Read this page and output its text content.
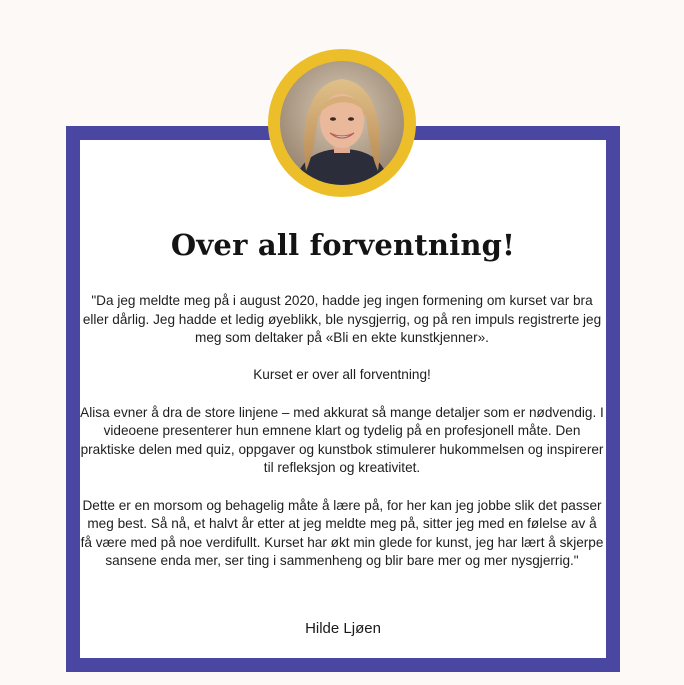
Over all forventning!

"Da jeg meldte meg på i august 2020, hadde jeg ingen formening om kurset var bra eller dårlig. Jeg hadde et ledig øyeblikk, ble nysgjerrig, og på ren impuls registrerte jeg meg som deltaker på «Bli en ekte kunstkjenner».

Kurset er over all forventning!

Alisa evner å dra de store linjene – med akkurat så mange detaljer som er nødvendig. I videoene presenterer hun emnene klart og tydelig på en profesjonell måte. Den praktiske delen med quiz, oppgaver og kunstbok stimulerer hukommelsen og inspirerer til refleksjon og kreativitet.

Dette er en morsom og behagelig måte å lære på, for her kan jeg jobbe slik det passer meg best. Så nå, et halvt år etter at jeg meldte meg på, sitter jeg med en følelse av å få være med på noe verdifullt. Kurset har økt min glede for kunst, jeg har lært å skjerpe sansene enda mer, ser ting i sammenheng og blir bare mer og mer nysgjerrig."

Hilde Ljøen
